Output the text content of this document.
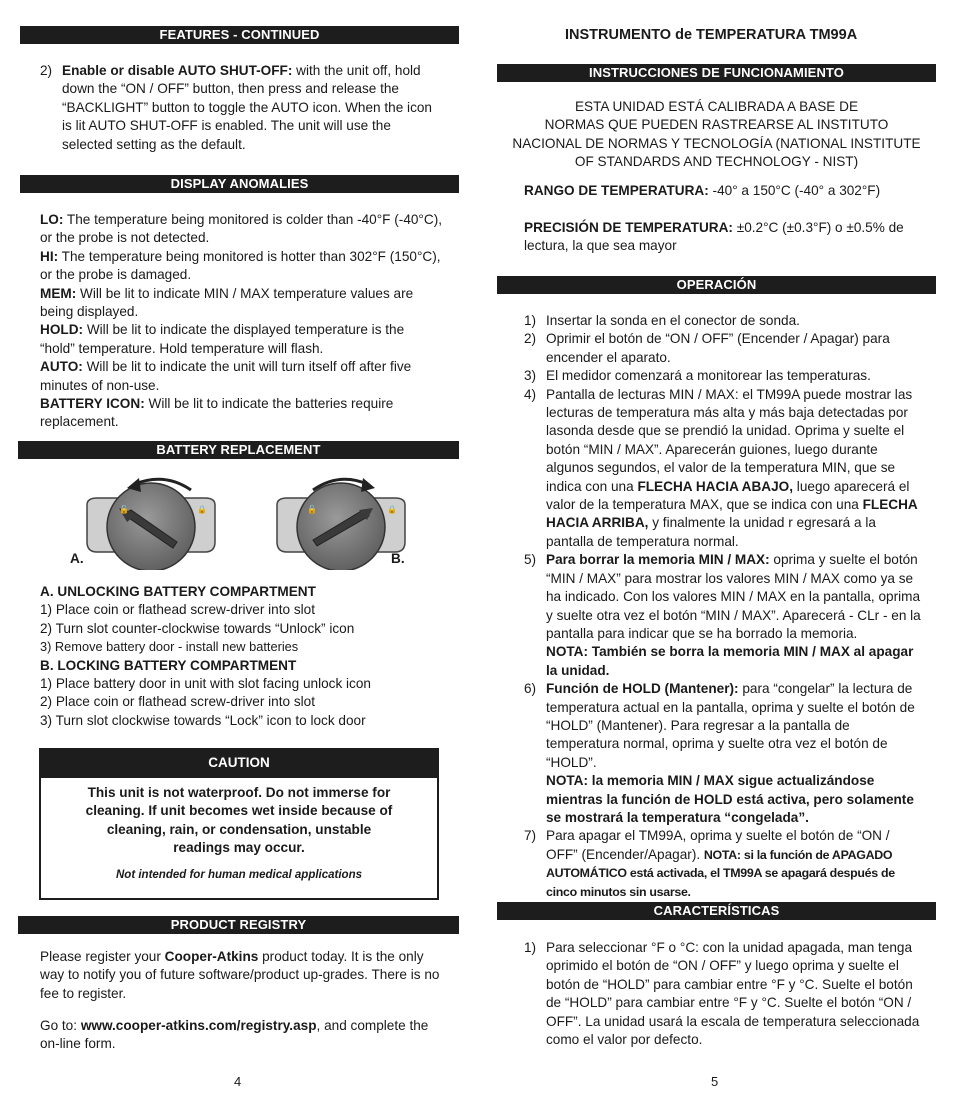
FEATURES - CONTINUED
2) Enable or disable AUTO SHUT-OFF: with the unit off, hold down the “ON / OFF” button, then press and release the “BACKLIGHT” button to toggle the AUTO icon. When the icon is lit AUTO SHUT-OFF is enabled. The unit will use the selected setting as the default.
DISPLAY ANOMALIES
LO: The temperature being monitored is colder than -40°F (-40°C), or the probe is not detected.
HI: The temperature being monitored is hotter than 302°F (150°C), or the probe is damaged.
MEM: Will be lit to indicate MIN / MAX temperature values are being displayed.
HOLD: Will be lit to indicate the displayed temperature is the “hold” temperature. Hold temperature will flash.
AUTO: Will be lit to indicate the unit will turn itself off after five minutes of non-use.
BATTERY ICON: Will be lit to indicate the batteries require replacement.
BATTERY REPLACEMENT
🔓	🔒	🔓	🔒
A.	B.
A. UNLOCKING BATTERY COMPARTMENT
1) Place coin or flathead screw-driver into slot
2) Turn slot counter-clockwise towards “Unlock” icon
3) Remove battery door - install new batteries
B. LOCKING BATTERY COMPARTMENT
1) Place battery door in unit with slot facing unlock icon
2) Place coin or flathead screw-driver into slot
3) Turn slot clockwise towards “Lock” icon to lock door
CAUTION
This unit is not waterproof. Do not immerse for cleaning. If unit becomes wet inside because of cleaning, rain, or condensation, unstable readings may occur.
Not intended for human medical applications
PRODUCT REGISTRY
Please register your Cooper-Atkins product today. It is the only way to notify you of future software/product up-grades. There is no fee to register.
Go to: www.cooper-atkins.com/registry.asp, and complete the on-line form.
4
INSTRUMENTO de TEMPERATURA TM99A
INSTRUCCIONES DE FUNCIONAMIENTO
ESTA UNIDAD ESTÁ CALIBRADA A BASE DE
NORMAS QUE PUEDEN RASTREARSE AL INSTITUTO
NACIONAL DE NORMAS Y TECNOLOGÍA (NATIONAL INSTITUTE
OF STANDARDS AND TECHNOLOGY - NIST)
RANGO DE TEMPERATURA: -40° a 150°C (-40° a 302°F)
PRECISIÓN DE TEMPERATURA: ±0.2°C (±0.3°F) o ±0.5% de lectura, la que sea mayor
OPERACIÓN
1) Insertar la sonda en el conector de sonda.
2) Oprimir el botón de “ON / OFF” (Encender / Apagar) para encender el aparato.
3) El medidor comenzará a monitorear las temperaturas.
4) Pantalla de lecturas MIN / MAX: el TM99A puede mostrar las lecturas de temperatura más alta y más baja detectadas por lasonda desde que se prendió la unidad. Oprima y suelte el botón “MIN / MAX”. Aparecerán guiones, luego durante algunos segundos, el valor de la temperatura MIN, que se indica con una FLECHA HACIA ABAJO, luego aparecerá el valor de la temperatura MAX, que se indica con una FLECHA HACIA ARRIBA, y finalmente la unidad r egresará a la pantalla de temperatura normal.
5) Para borrar la memoria MIN / MAX: oprima y suelte el botón “MIN / MAX” para mostrar los valores MIN / MAX como ya se ha indicado. Con los valores MIN / MAX en la pantalla, oprima y suelte otra vez el botón “MIN / MAX”. Aparecerá - CLr - en la pantalla para indicar que se ha borrado la memoria.
NOTA: También se borra la memoria MIN / MAX al apagar la unidad.
6) Función de HOLD (Mantener): para “congelar” la lectura de temperatura actual en la pantalla, oprima y suelte el botón de “HOLD” (Mantener). Para regresar a la pantalla de temperatura normal, oprima y suelte otra vez el botón de “HOLD”.
NOTA: la memoria MIN / MAX sigue actualizándose mientras la función de HOLD está activa, pero solamente se mostrará la temperatura “congelada”.
7) Para apagar el TM99A, oprima y suelte el botón de “ON / OFF” (Encender/Apagar). NOTA: si la función de APAGADO AUTOMÁTICO está activada, el TM99A se apagará después de cinco minutos sin usarse.
CARACTERÍSTICAS
1) Para seleccionar °F o °C: con la unidad apagada, man tenga oprimido el botón de “ON / OFF” y luego oprima y suelte el botón de “HOLD” para cambiar entre °F y °C. Suelte el botón de “HOLD” para cambiar entre °F y °C. Suelte el botón “ON / OFF”. La unidad usará la escala de temperatura seleccionada como el valor por defecto.
5
